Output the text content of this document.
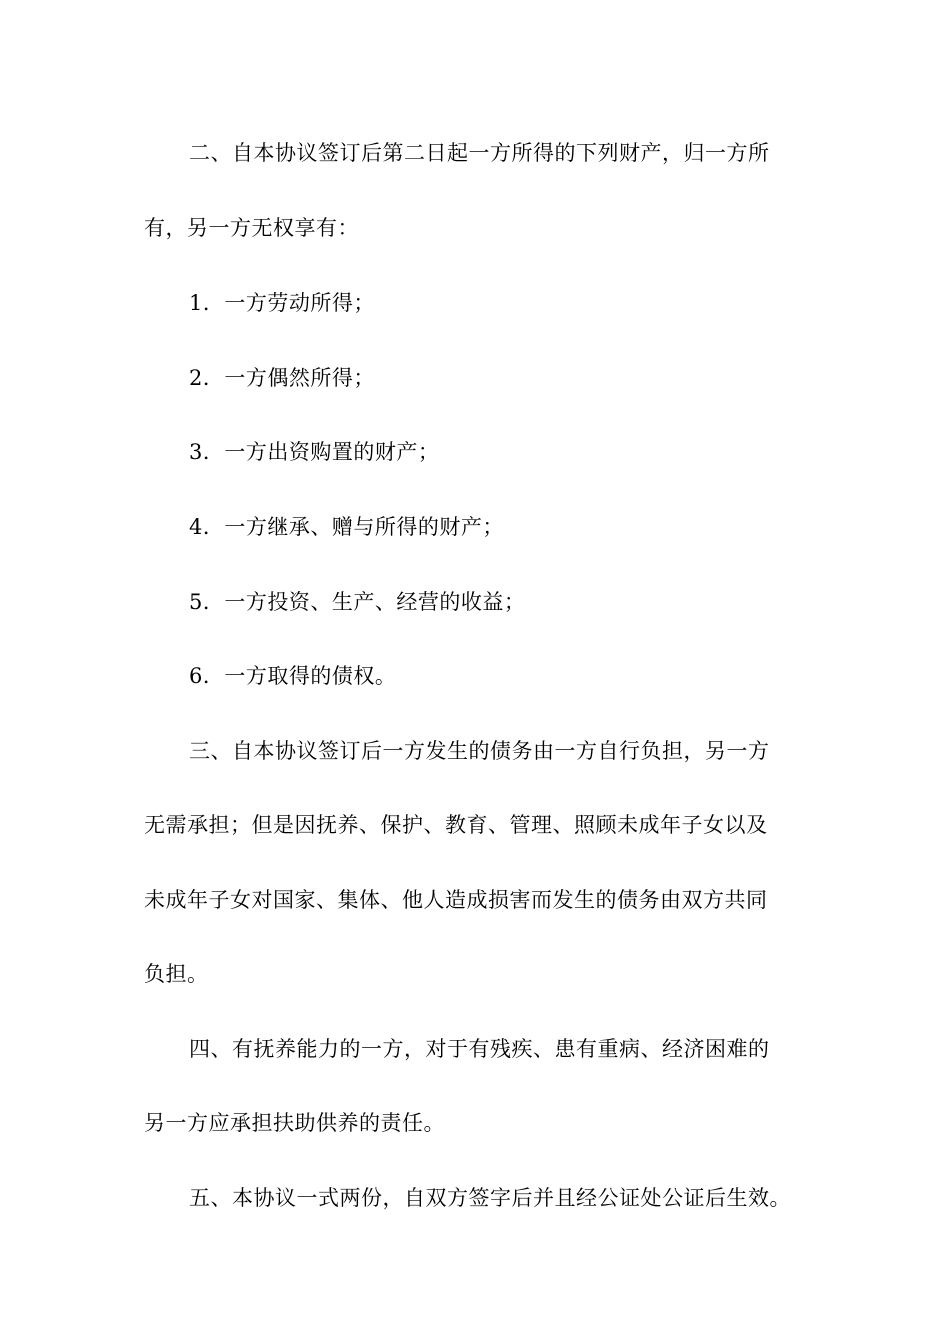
二、自本协议签订后第二日起一方所得的下列财产，归一方所
有，另一方无权享有：
1．一方劳动所得；
2．一方偶然所得；
3．一方出资购置的财产；
4．一方继承、赠与所得的财产；
5．一方投资、生产、经营的收益；
6．一方取得的债权。
三、自本协议签订后一方发生的债务由一方自行负担，另一方
无需承担；但是因抚养、保护、教育、管理、照顾未成年子女以及
未成年子女对国家、集体、他人造成损害而发生的债务由双方共同
负担。
四、有抚养能力的一方，对于有残疾、患有重病、经济困难的
另一方应承担扶助供养的责任。
五、本协议一式两份，自双方签字后并且经公证处公证后生效。
